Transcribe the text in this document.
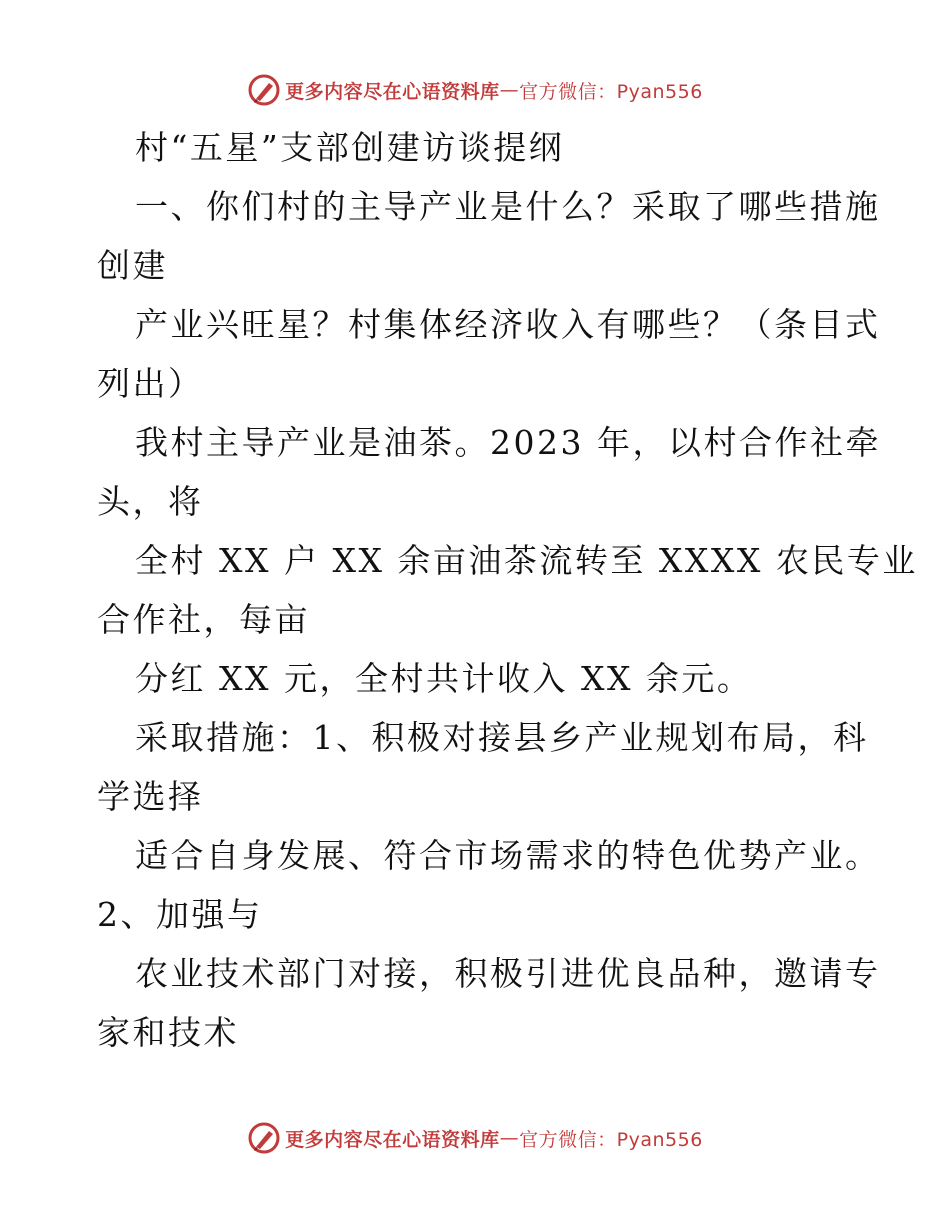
更多内容尽在心语资料库 — 官方微信：Pyan556
村“五星”支部创建访谈提纲
一、你们村的主导产业是什么？采取了哪些措施
创建
产业兴旺星？村集体经济收入有哪些？（条目式
列出）
我村主导产业是油茶。2023 年，以村合作社牵
头，将
全村 XX 户 XX 余亩油茶流转至 XXXX 农民专业
合作社，每亩
分红 XX 元，全村共计收入 XX 余元。
采取措施：1、积极对接县乡产业规划布局，科
学选择
适合自身发展、符合市场需求的特色优势产业。
2、加强与
农业技术部门对接，积极引进优良品种，邀请专
家和技术
更多内容尽在心语资料库 — 官方微信：Pyan556
